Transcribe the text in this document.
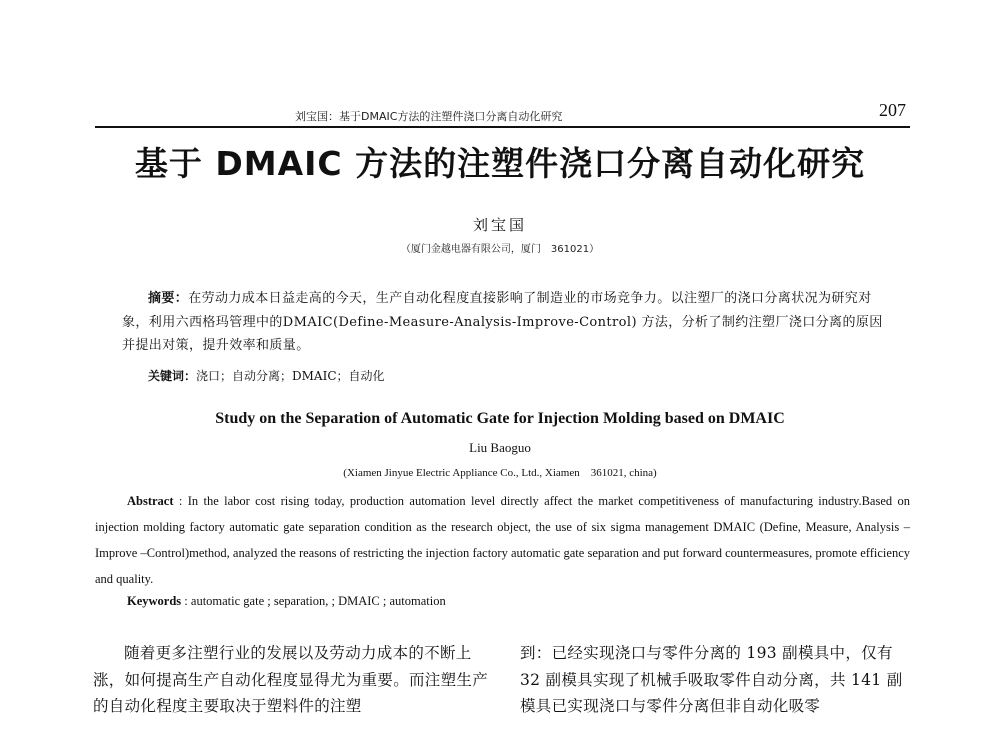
刘宝国：基于DMAIC方法的注塑件浇口分离自动化研究	207
基于 DMAIC 方法的注塑件浇口分离自动化研究
刘宝国
（厦门金越电器有限公司，厦门　361021）

摘要：在劳动力成本日益走高的今天，生产自动化程度直接影响了制造业的市场竞争力。以注塑厂的浇口分离状况为研究对象，利用六西格玛管理中的DMAIC(Define-Measure-Analysis-Improve-Control) 方法，分析了制约注塑厂浇口分离的原因并提出对策，提升效率和质量。

关键词：浇口；自动分离；DMAIC；自动化
Study on the Separation of Automatic Gate for Injection Molding based on DMAIC
Liu Baoguo
(Xiamen Jinyue Electric Appliance Co., Ltd., Xiamen　361021, china)

Abstract : In the labor cost rising today, production automation level directly affect the market competitiveness of manufacturing industry.Based on injection molding factory automatic gate separation condition as the research object, the use of six sigma management DMAIC (Define, Measure, Analysis –Improve –Control)method, analyzed the reasons of restricting the injection factory automatic gate separation and put forward countermeasures, promote efficiency and quality.

Keywords : automatic gate ; separation, ; DMAIC ; automation

随着更多注塑行业的发展以及劳动力成本的不断上涨，如何提高生产自动化程度显得尤为重要。而注塑生产的自动化程度主要取决于塑料件的注塑

到：已经实现浇口与零件分离的 193 副模具中，仅有 32 副模具实现了机械手吸取零件自动分离，共 141 副模具已实现浇口与零件分离但非自动化吸零
